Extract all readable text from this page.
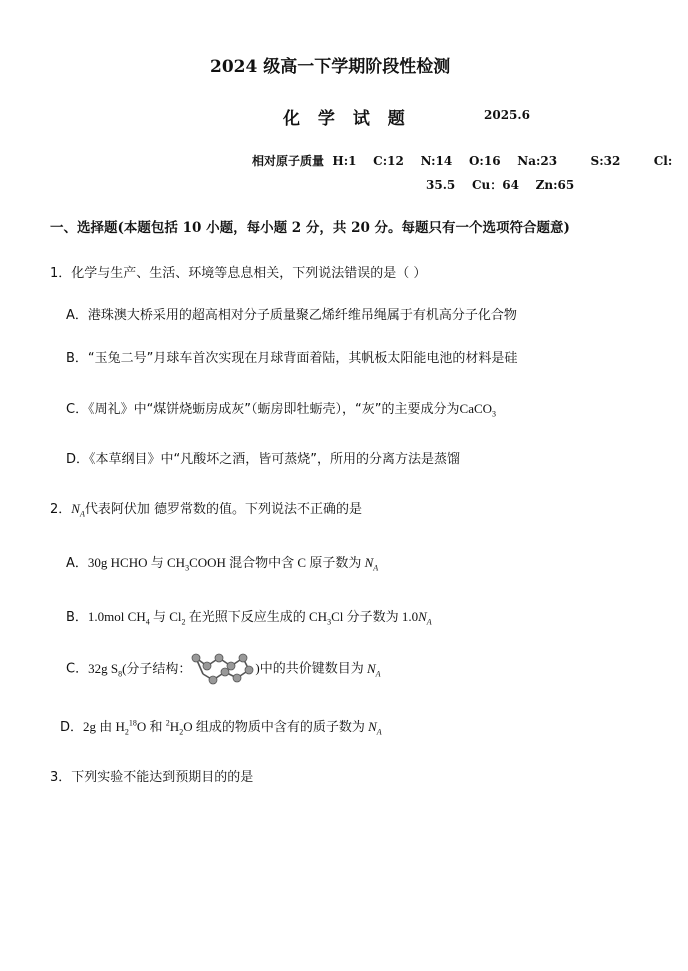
2024 级高一下学期阶段性检测
化 学 试 题	2025.6
相对原子质量  H:1    C:12    N:14    O:16    Na:23        S:32        Cl:
35.5    Cu：64    Zn:65
一、选择题(本题包括 10 小题，每小题 2 分，共 20 分。每题只有一个选项符合题意)
1．化学与生产、生活、环境等息息相关，下列说法错误的是（ ）
A．港珠澳大桥采用的超高相对分子质量聚乙烯纤维吊绳属于有机高分子化合物
B．“玉兔二号”月球车首次实现在月球背面着陆，其帆板太阳能电池的材料是硅
C．《周礼》中“煤饼烧蛎房成灰”（蛎房即牡蛎壳），“灰”的主要成分为CaCO$_3$
D．《本草纲目》中“凡酸坏之酒，皆可蒸烧”，所用的分离方法是蒸馏
2．$N_A$代表阿伏加 德罗常数的值。下列说法不正确的是
A．30g HCHO 与 $CH_3COOH$ 混合物中含 C 原子数为 $N_A$
B．1.0mol $CH_4$ 与 $Cl_2$ 在光照下反应生成的 $CH_3Cl$ 分子数为 $1.0N_A$
C．32g $S_8$(分子结构：	)中的共价键数目为 $N_A$
D．2g 由 $H_2^{18}O$ 和 $^2H_2O$ 组成的物质中含有的质子数为 $N_A$
3．下列实验不能达到预期目的的是
